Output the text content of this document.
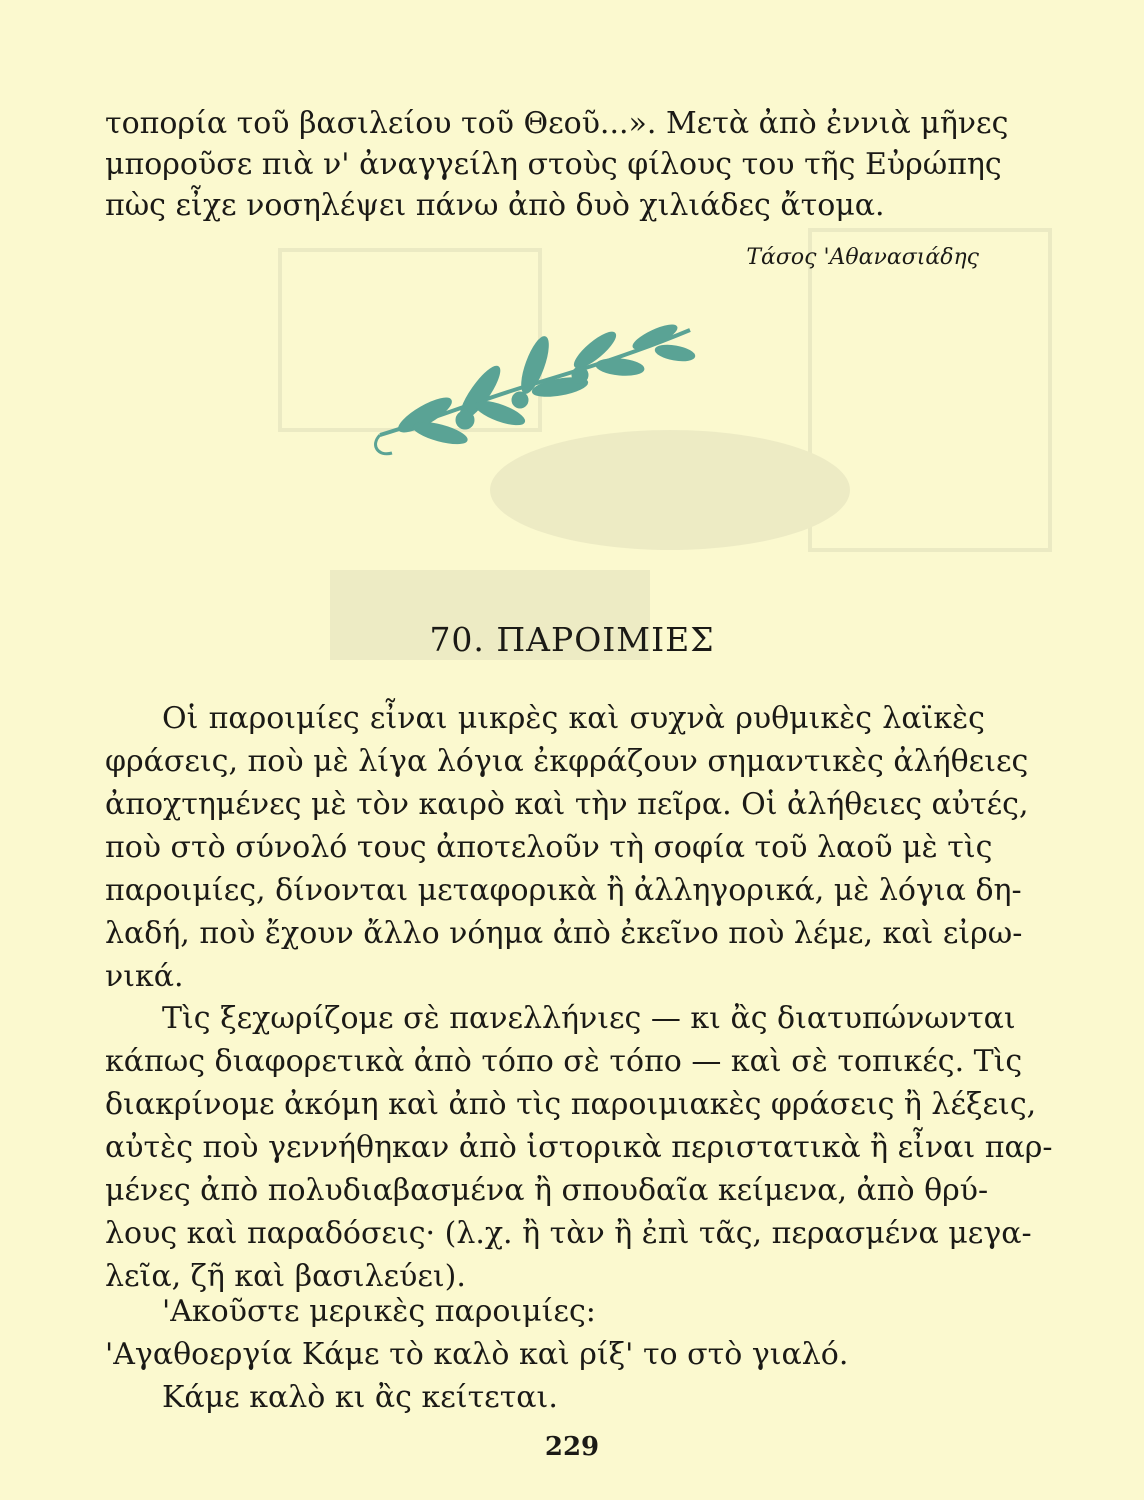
τοπορία τοῦ βασιλείου τοῦ Θεοῦ...». Μετὰ ἀπὸ ἐννιὰ μῆνες
μποροῦσε πιὰ ν' ἀναγγείλη στοὺς φίλους του τῆς Εὐρώπης
πὼς εἶχε νοσηλέψει πάνω ἀπὸ δυὸ χιλιάδες ἄτομα.
Τάσος 'Αθανασιάδης
70. ΠΑΡΟΙΜΙΕΣ
Οἱ παροιμίες εἶναι μικρὲς καὶ συχνὰ ρυθμικὲς λαϊκὲς
φράσεις, ποὺ μὲ λίγα λόγια ἐκφράζουν σημαντικὲς ἀλήθειες
ἀποχτημένες μὲ τὸν καιρὸ καὶ τὴν πεῖρα. Οἱ ἀλήθειες αὐτές,
ποὺ στὸ σύνολό τους ἀποτελοῦν τὴ σοφία τοῦ λαοῦ μὲ τὶς
παροιμίες, δίνονται μεταφορικὰ ἢ ἀλληγορικά, μὲ λόγια δη-
λαδή, ποὺ ἔχουν ἄλλο νόημα ἀπὸ ἐκεῖνο ποὺ λέμε, καὶ εἰρω-
νικά.
Τὶς ξεχωρίζομε σὲ πανελλήνιες — κι ἂς διατυπώνωνται
κάπως διαφορετικὰ ἀπὸ τόπο σὲ τόπο — καὶ σὲ τοπικές. Τὶς
διακρίνομε ἀκόμη καὶ ἀπὸ τὶς παροιμιακὲς φράσεις ἢ λέξεις,
αὐτὲς ποὺ γεννήθηκαν ἀπὸ ἱστορικὰ περιστατικὰ ἢ εἶναι παρ-
μένες ἀπὸ πολυδιαβασμένα ἢ σπουδαῖα κείμενα, ἀπὸ θρύ-
λους καὶ παραδόσεις· (λ.χ. ἢ τὰν ἢ ἐπὶ τᾶς, περασμένα μεγα-
λεῖα, ζῆ καὶ βασιλεύει).
'Ακοῦστε μερικὲς παροιμίες:
'Αγαθοεργία Κάμε τὸ καλὸ καὶ ρίξ' το στὸ γιαλό.
Κάμε καλὸ κι ἂς κείτεται.
229
